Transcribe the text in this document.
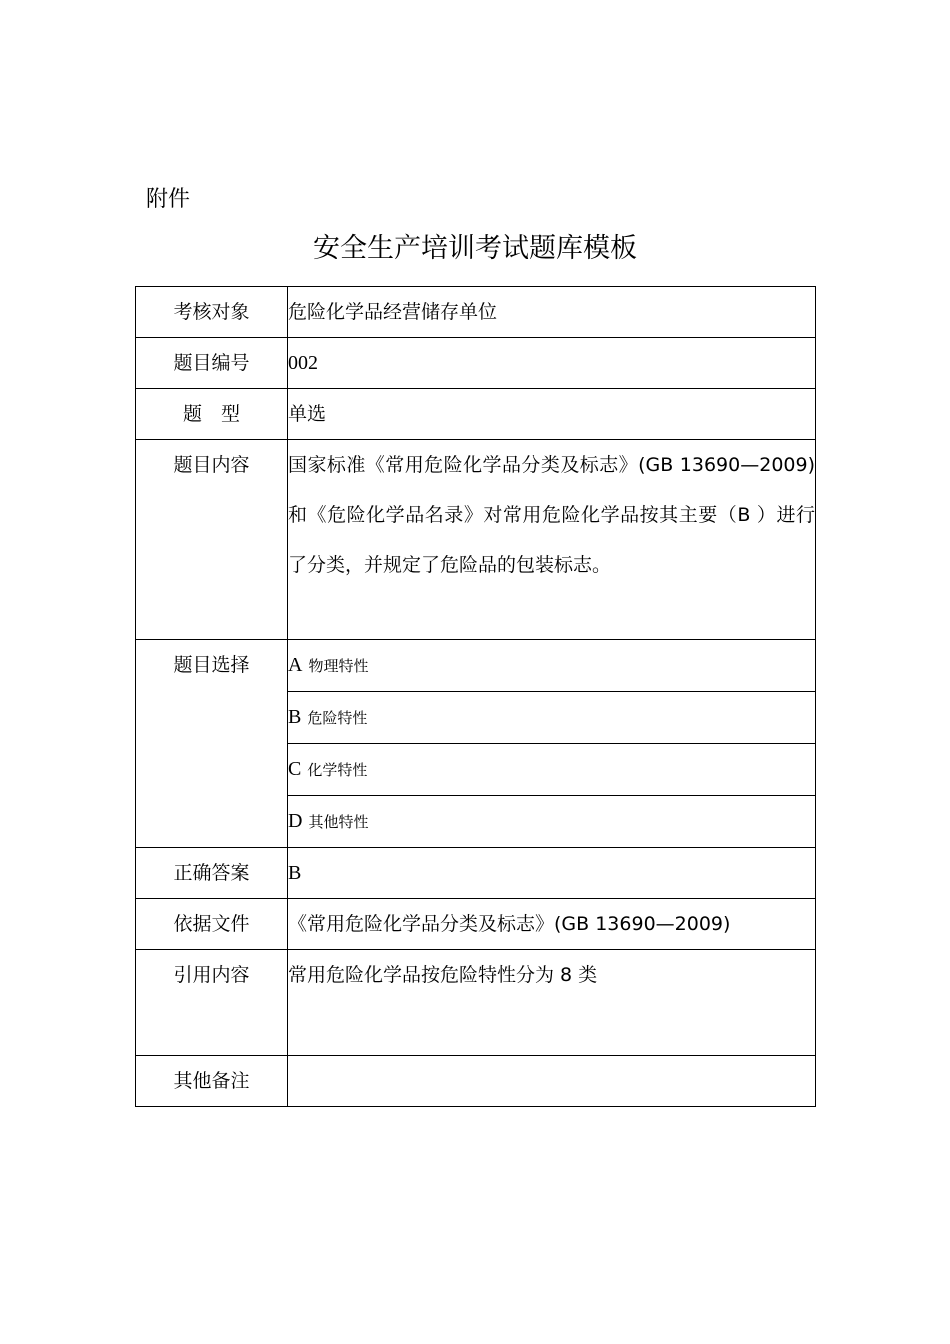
附件
安全生产培训考试题库模板
考核对象	危险化学品经营储存单位

题目编号	002

题　型	单选

题目内容	国家标准《常用危险化学品分类及标志》(GB 13690—2009)和《危险化学品名录》对常用危险化学品按其主要（B ）进行了分类，并规定了危险品的包装标志。

题目选择	A 物理特性

	B 危险特性

	C 化学特性

	D 其他特性

正确答案	B

依据文件	《常用危险化学品分类及标志》(GB 13690—2009)

引用内容	常用危险化学品按危险特性分为 8 类

其他备注	
